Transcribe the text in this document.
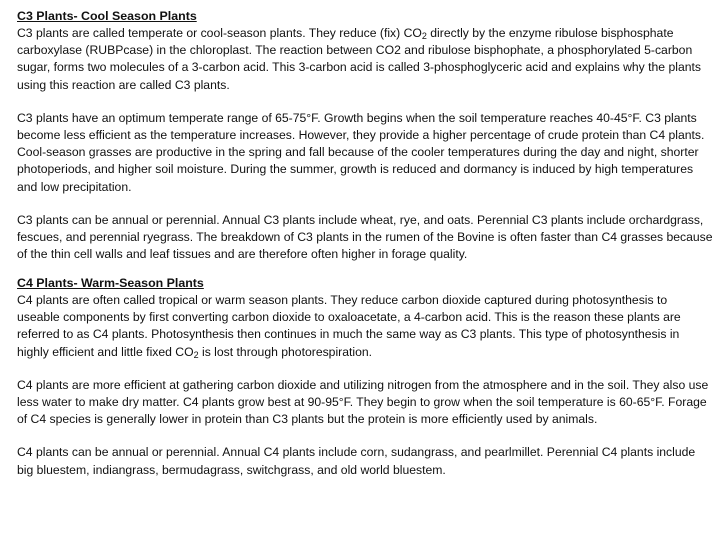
C3 Plants- Cool Season Plants

C3 plants are called temperate or cool-season plants. They reduce (fix) $CO_2$ directly by the enzyme ribulose bisphosphate carboxylase (RUBPcase) in the chloroplast. The reaction between CO2 and ribulose bisphophate, a phosphorylated 5-carbon sugar, forms two molecules of a 3-carbon acid. This 3-carbon acid is called 3-phosphoglyceric acid and explains why the plants using this reaction are called C3 plants.

C3 plants have an optimum temperate range of 65-75°F. Growth begins when the soil temperature reaches 40-45°F. C3 plants become less efficient as the temperature increases. However, they provide a higher percentage of crude protein than C4 plants. Cool-season grasses are productive in the spring and fall because of the cooler temperatures during the day and night, shorter photoperiods, and higher soil moisture. During the summer, growth is reduced and dormancy is induced by high temperatures and low precipitation.

C3 plants can be annual or perennial. Annual C3 plants include wheat, rye, and oats. Perennial C3 plants include orchardgrass, fescues, and perennial ryegrass. The breakdown of C3 plants in the rumen of the Bovine is often faster than C4 grasses because of the thin cell walls and leaf tissues and are therefore often higher in forage quality.

C4 Plants- Warm-Season Plants

C4 plants are often called tropical or warm season plants. They reduce carbon dioxide captured during photosynthesis to useable components by first converting carbon dioxide to oxaloacetate, a 4-carbon acid. This is the reason these plants are referred to as C4 plants. Photosynthesis then continues in much the same way as C3 plants. This type of photosynthesis in highly efficient and little fixed $CO_2$ is lost through photorespiration.

C4 plants are more efficient at gathering carbon dioxide and utilizing nitrogen from the atmosphere and in the soil. They also use less water to make dry matter. C4 plants grow best at 90-95°F. They begin to grow when the soil temperature is 60-65°F. Forage of C4 species is generally lower in protein than C3 plants but the protein is more efficiently used by animals.

C4 plants can be annual or perennial. Annual C4 plants include corn, sudangrass, and pearlmillet. Perennial C4 plants include big bluestem, indiangrass, bermudagrass, switchgrass, and old world bluestem.
